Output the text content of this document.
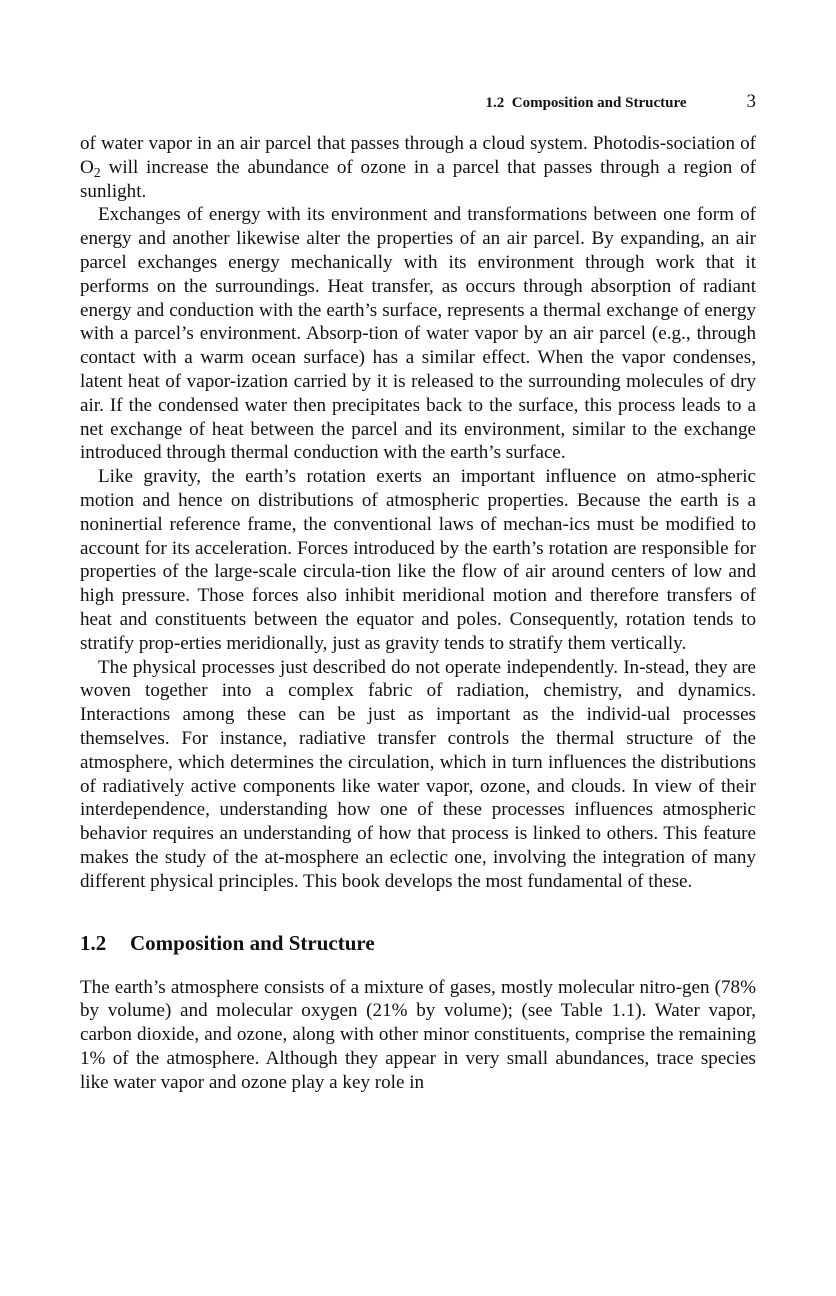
1.2  Composition and Structure	3

of water vapor in an air parcel that passes through a cloud system. Photodis-sociation of $O_2$ will increase the abundance of ozone in a parcel that passes through a region of sunlight.

Exchanges of energy with its environment and transformations between one form of energy and another likewise alter the properties of an air parcel. By expanding, an air parcel exchanges energy mechanically with its environment through work that it performs on the surroundings. Heat transfer, as occurs through absorption of radiant energy and conduction with the earth’s surface, represents a thermal exchange of energy with a parcel’s environment. Absorp-tion of water vapor by an air parcel (e.g., through contact with a warm ocean surface) has a similar effect. When the vapor condenses, latent heat of vapor-ization carried by it is released to the surrounding molecules of dry air. If the condensed water then precipitates back to the surface, this process leads to a net exchange of heat between the parcel and its environment, similar to the exchange introduced through thermal conduction with the earth’s surface.

Like gravity, the earth’s rotation exerts an important influence on atmo-spheric motion and hence on distributions of atmospheric properties. Because the earth is a noninertial reference frame, the conventional laws of mechan-ics must be modified to account for its acceleration. Forces introduced by the earth’s rotation are responsible for properties of the large-scale circula-tion like the flow of air around centers of low and high pressure. Those forces also inhibit meridional motion and therefore transfers of heat and constituents between the equator and poles. Consequently, rotation tends to stratify prop-erties meridionally, just as gravity tends to stratify them vertically.

The physical processes just described do not operate independently. In-stead, they are woven together into a complex fabric of radiation, chemistry, and dynamics. Interactions among these can be just as important as the individ-ual processes themselves. For instance, radiative transfer controls the thermal structure of the atmosphere, which determines the circulation, which in turn influences the distributions of radiatively active components like water vapor, ozone, and clouds. In view of their interdependence, understanding how one of these processes influences atmospheric behavior requires an understanding of how that process is linked to others. This feature makes the study of the at-mosphere an eclectic one, involving the integration of many different physical principles. This book develops the most fundamental of these.

1.2	Composition and Structure

The earth’s atmosphere consists of a mixture of gases, mostly molecular nitro-gen (78% by volume) and molecular oxygen (21% by volume); (see Table 1.1). Water vapor, carbon dioxide, and ozone, along with other minor constituents, comprise the remaining 1% of the atmosphere. Although they appear in very small abundances, trace species like water vapor and ozone play a key role in
